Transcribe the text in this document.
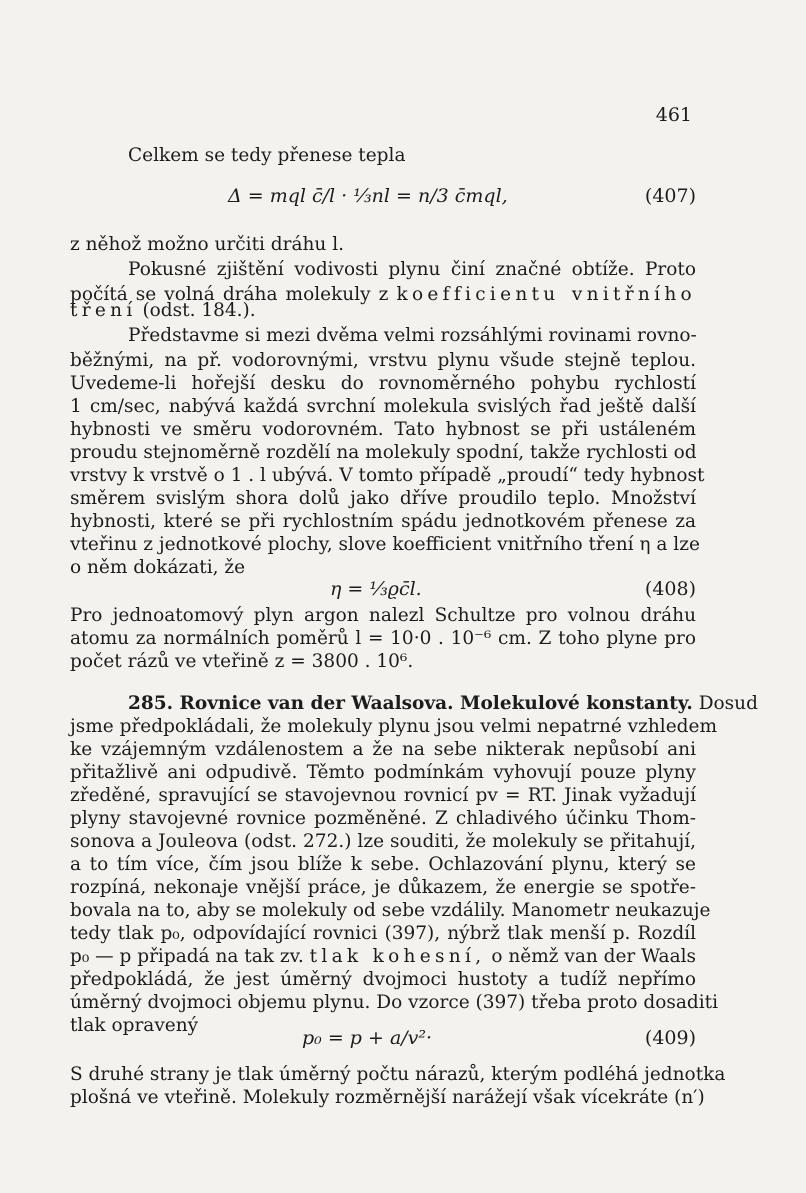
461
Celkem se tedy přenese tepla
Δ = mql c̄/l · ⅓nl = n/3 c̄mql,	(407)
z něhož možno určiti dráhu l.
Pokusné zjištění vodivosti plynu činí značné obtíže. Proto
počítá se volná dráha molekuly z koefficientu vnitřního
tření (odst. 184.).
Představme si mezi dvěma velmi rozsáhlými rovinami rovno-
běžnými, na př. vodorovnými, vrstvu plynu všude stejně teplou.
Uvedeme-li hořejší desku do rovnoměrného pohybu rychlostí
1 cm/sec, nabývá každá svrchní molekula svislých řad ještě další
hybnosti ve směru vodorovném. Tato hybnost se při ustáleném
proudu stejnoměrně rozdělí na molekuly spodní, takže rychlosti od
vrstvy k vrstvě o 1 . l ubývá. V tomto případě „proudí“ tedy hybnost
směrem svislým shora dolů jako dříve proudilo teplo. Množství
hybnosti, které se při rychlostním spádu jednotkovém přenese za
vteřinu z jednotkové plochy, slove koefficient vnitřního tření η a lze
o něm dokázati, že
η = ⅓ϱc̄l.	(408)
Pro jednoatomový plyn argon nalezl Schultze pro volnou dráhu
atomu za normálních poměrů l = 10·0 . 10⁻⁶ cm. Z toho plyne pro
počet rázů ve vteřině z = 3800 . 10⁶.
285. Rovnice van der Waalsova. Molekulové konstanty. Dosud
jsme předpokládali, že molekuly plynu jsou velmi nepatrné vzhledem
ke vzájemným vzdálenostem a že na sebe nikterak nepůsobí ani
přitažlivě ani odpudivě. Těmto podmínkám vyhovují pouze plyny
zředěné, spravující se stavojevnou rovnicí pv = RT. Jinak vyžadují
plyny stavojevné rovnice pozměněné. Z chladivého účinku Thom-
sonova a Jouleova (odst. 272.) lze souditi, že molekuly se přitahují,
a to tím více, čím jsou blíže k sebe. Ochlazování plynu, který se
rozpíná, nekonaje vnější práce, je důkazem, že energie se spotře-
bovala na to, aby se molekuly od sebe vzdálily. Manometr neukazuje
tedy tlak p₀, odpovídající rovnici (397), nýbrž tlak menší p. Rozdíl
p₀ — p připadá na tak zv. tlak kohesní, o němž van der Waals
předpokládá, že jest úměrný dvojmoci hustoty a tudíž nepřímo
úměrný dvojmoci objemu plynu. Do vzorce (397) třeba proto dosaditi
tlak opravený
p₀ = p + a/v²·	(409)
S druhé strany je tlak úměrný počtu nárazů, kterým podléhá jednotka
plošná ve vteřině. Molekuly rozměrnější narážejí však vícekráte (n′)
